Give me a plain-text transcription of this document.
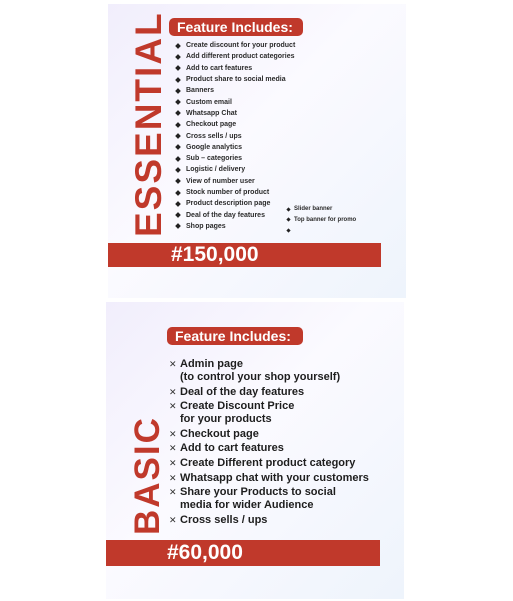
ESSENTIAL Feature Includes:
Create discount for your product
Add different product categories
Add to cart features
Product share to social media
Banners
Custom email
Whatsapp Chat
Checkout page
Cross sells / ups
Google analytics
Sub – categories
Logistic / delivery
View of number user
Stock number of product
Product description page
Deal of the day features
Shop pages
Slider banner
Top banner for promo
#150,000
BASIC
Feature Includes:
✕ Admin page
(to control your shop yourself)
✕ Deal of the day features
✕ Create Discount Price
for your products
✕ Checkout page
✕ Add to cart features
✕ Create Different product category
✕ Whatsapp chat with your customers
✕ Share your Products to social
media for wider Audience
✕ Cross sells / ups
#60,000
